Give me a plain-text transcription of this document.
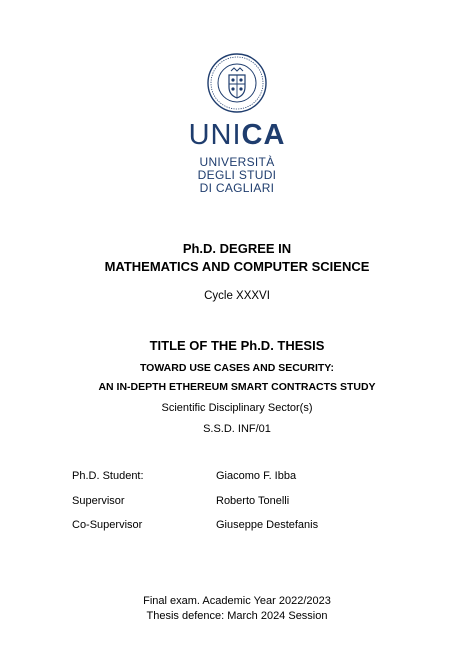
UNICA
UNIVERSITÀ
DEGLI STUDI
DI CAGLIARI
Ph.D. DEGREE IN
MATHEMATICS AND COMPUTER SCIENCE
Cycle XXXVI
TITLE OF THE Ph.D. THESIS
TOWARD USE CASES AND SECURITY:
AN IN-DEPTH ETHEREUM SMART CONTRACTS STUDY
Scientific Disciplinary Sector(s)
S.S.D. INF/01
Ph.D. Student:	Giacomo F. Ibba
Supervisor	Roberto Tonelli
Co-Supervisor	Giuseppe Destefanis
Final exam. Academic Year 2022/2023
Thesis defence: March 2024 Session
